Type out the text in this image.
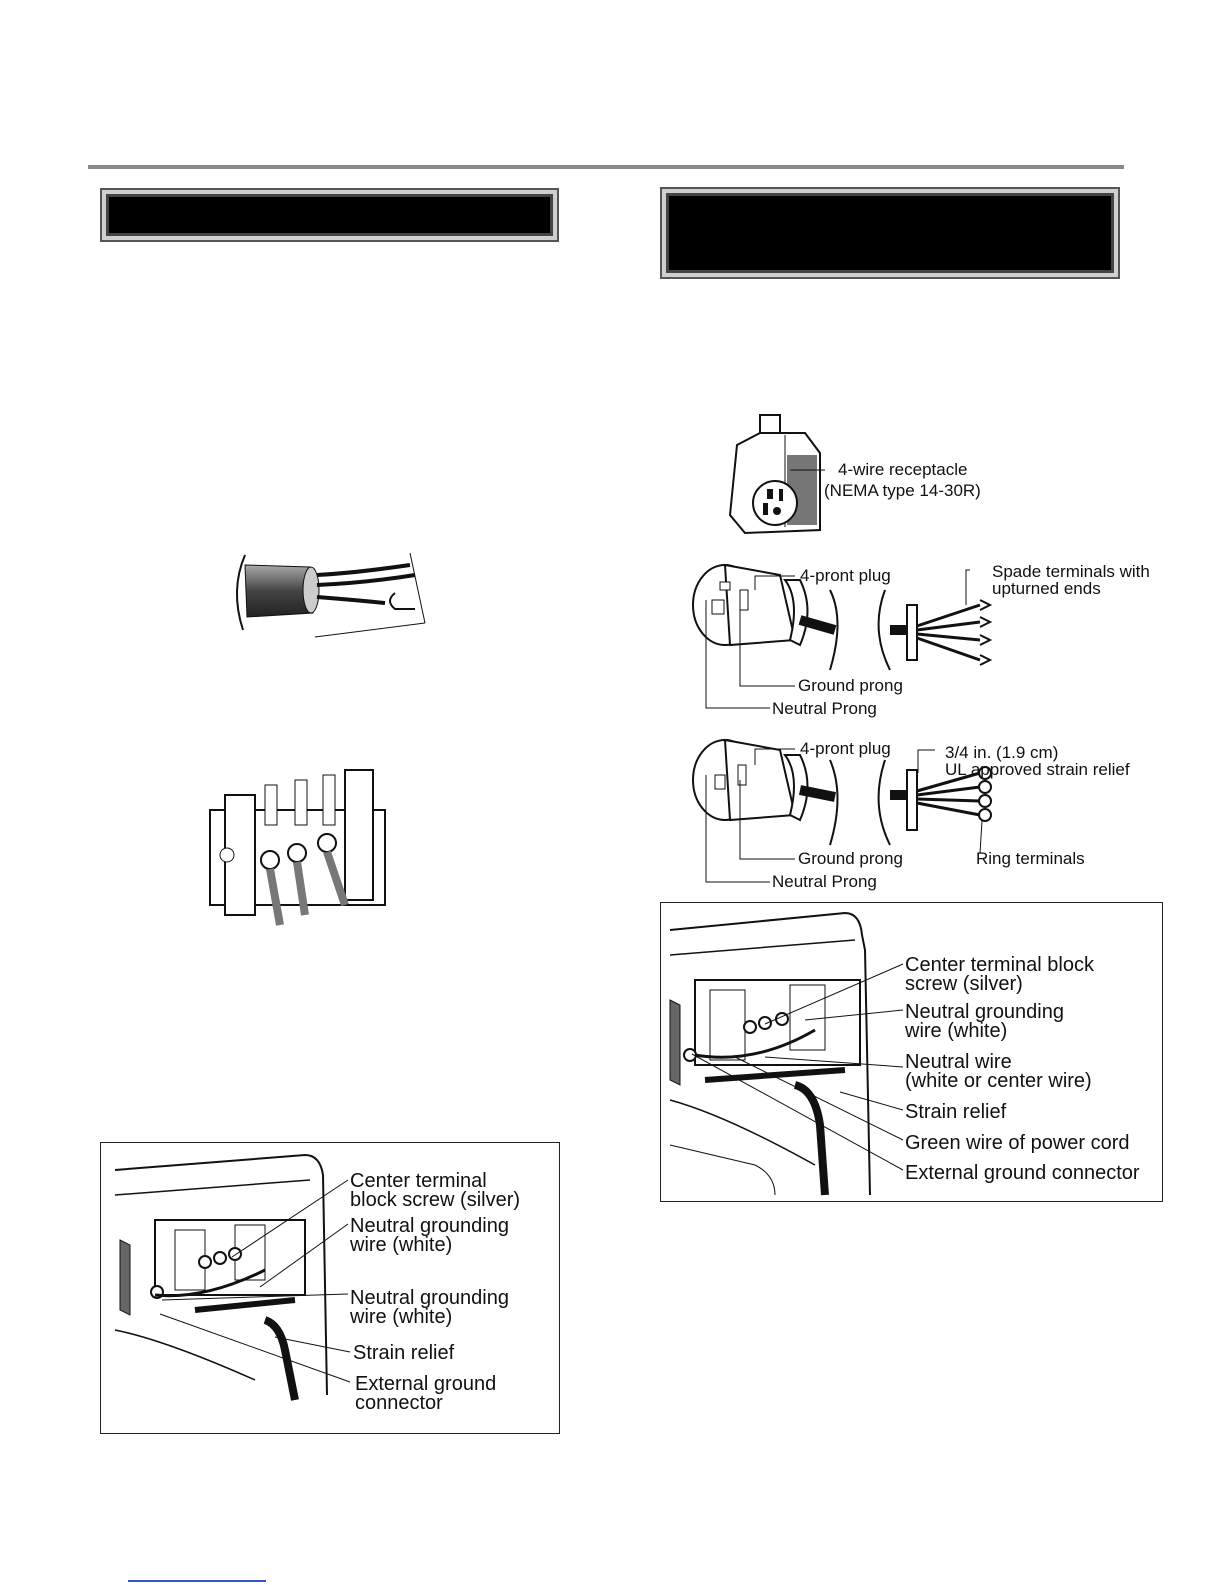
Center terminal
block screw (silver)
Neutral grounding
wire (white)
Neutral grounding
wire (white)
Strain relief
External ground
connector
4-wire receptacle
(NEMA type 14-30R)
4-pront plug	Spade terminals with
upturned ends
Ground prong
Neutral Prong
4-pront plug	3/4 in. (1.9 cm)
UL approved strain relief
Ground prong	Ring terminals
Neutral Prong
Center terminal block
screw (silver)
Neutral grounding
wire (white)
Neutral wire
(white or center wire)
Strain relief
Green wire of power cord
External ground connector
